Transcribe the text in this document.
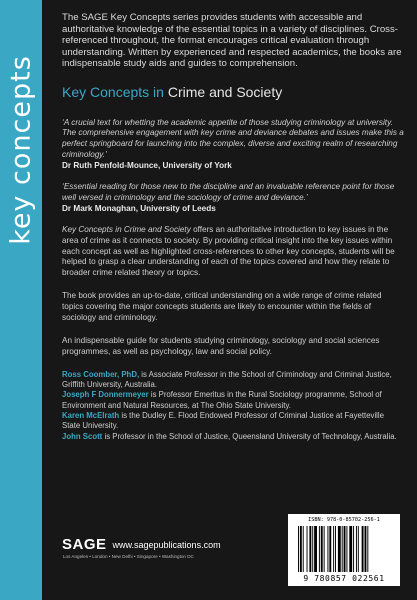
key concepts

The SAGE Key Concepts series provides students with accessible and authoritative knowledge of the essential topics in a variety of disciplines. Cross-referenced throughout, the format encourages critical evaluation through understanding. Written by experienced and respected academics, the books are indispensable study aids and guides to comprehension.

Key Concepts in Crime and Society
‘A crucial text for whetting the academic appetite of those studying criminology at university. The comprehensive engagement with key crime and deviance debates and issues make this a perfect springboard for launching into the complex, diverse and exciting realm of researching criminology.’
Dr Ruth Penfold-Mounce, University of York
‘Essential reading for those new to the discipline and an invaluable reference point for those well versed in criminology and the sociology of crime and deviance.’
Dr Mark Monaghan, University of Leeds

Key Concepts in Crime and Society offers an authoritative introduction to key issues in the area of crime as it connects to society. By providing critical insight into the key issues within each concept as well as highlighted cross-references to other key concepts, students will be helped to grasp a clear understanding of each of the topics covered and how they relate to broader crime related theory or topics.

The book provides an up-to-date, critical understanding on a wide range of crime related topics covering the major concepts students are likely to encounter within the fields of sociology and criminology.

An indispensable guide for students studying criminology, sociology and social sciences programmes, as well as psychology, law and social policy.

Ross Coomber, PhD, is Associate Professor in the School of Criminology and Criminal Justice, Griffith University, Australia.

Joseph F Donnermeyer is Professor Emeritus in the Rural Sociology programme, School of Environment and Natural Resources, at The Ohio State University.

Karen McElrath is the Dudley E. Flood Endowed Professor of Criminal Justice at Fayetteville State University.

John Scott is Professor in the School of Justice, Queensland University of Technology, Australia.

SAGE www.sagepublications.com
Los Angeles • London • New Delhi • Singapore • Washington DC
ISBN: 978-0-85702-256-1
9 780857 022561
